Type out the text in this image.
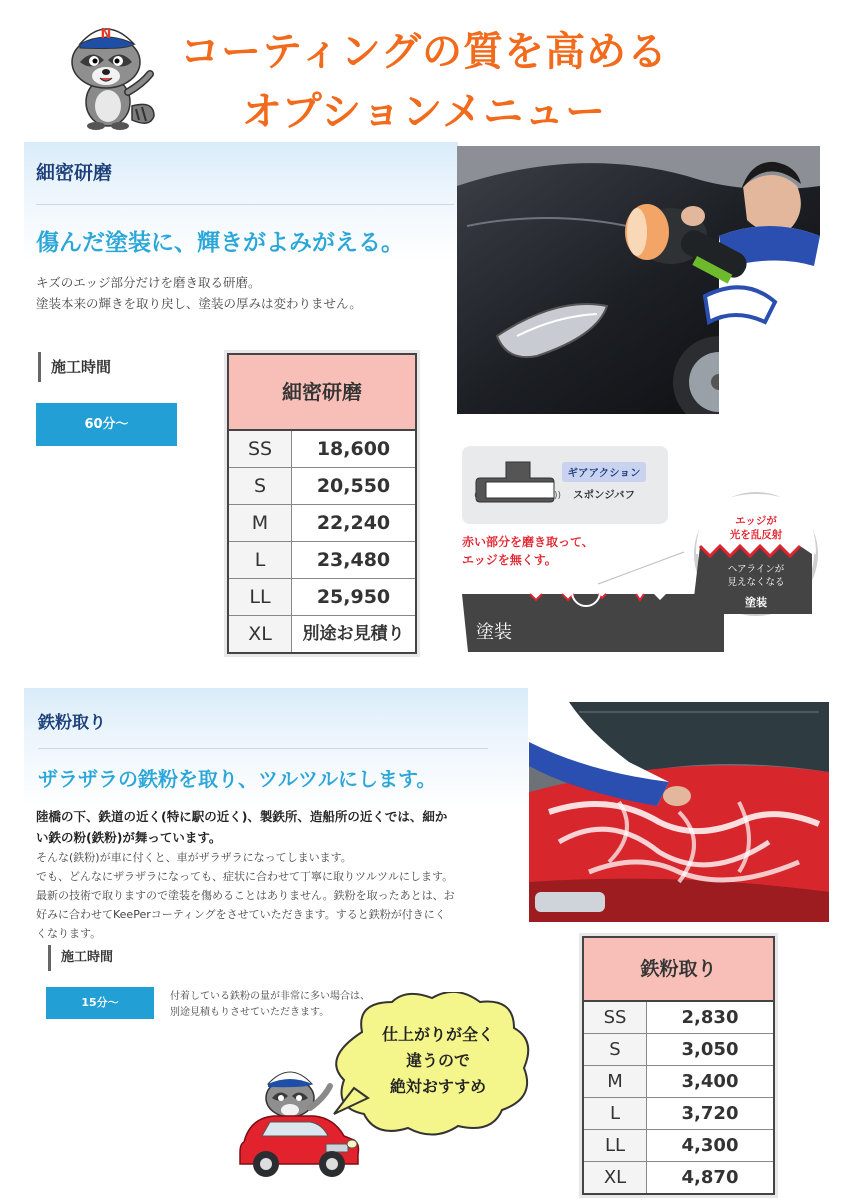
N	コーティングの質を高める
オプションメニュー
細密研磨
傷んだ塗装に、輝きがよみがえる。
キズのエッジ部分だけを磨き取る研磨。
塗装本来の輝きを取り戻し、塗装の厚みは変わりません。
施工時間
60分〜
細密研磨
SS	18,600
S	20,550
M	22,240
L	23,480
LL	25,950
XL	別途お見積り
((	))
ギアアクション
スポンジバフ
赤い部分を磨き取って、
エッジを無くす。
塗装
エッジが
光を乱反射
ヘアラインが
見えなくなる
塗装
鉄粉取り
ザラザラの鉄粉を取り、ツルツルにします。
陸橋の下、鉄道の近く(特に駅の近く)、製鉄所、造船所の近くでは、細か
い鉄の粉(鉄粉)が舞っています。
そんな(鉄粉)が車に付くと、車がザラザラになってしまいます。
でも、どんなにザラザラになっても、症状に合わせて丁寧に取りツルツルにします。
最新の技術で取りますので塗装を傷めることはありません。鉄粉を取ったあとは、お
好みに合わせてKeePerコーティングをさせていただきます。すると鉄粉が付きにく
くなります。
施工時間
15分〜	付着している鉄粉の量が非常に多い場合は、
別途見積もりさせていただきます。
鉄粉取り
SS	2,830
S	3,050
M	3,400
L	3,720
LL	4,300
XL	4,870
仕上がりが全く
違うので
絶対おすすめ
